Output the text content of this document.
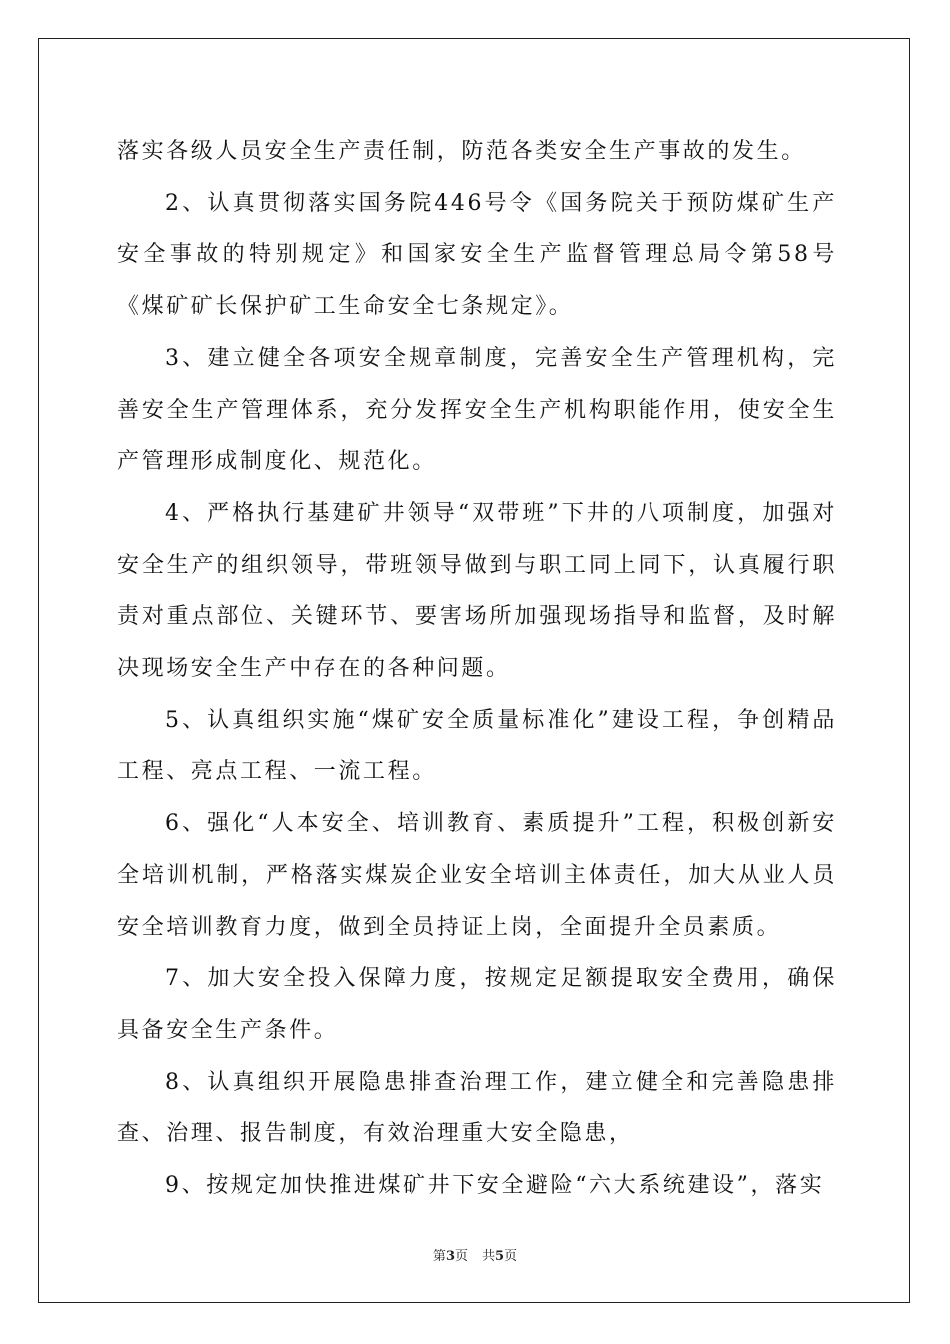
落实各级人员安全生产责任制，防范各类安全生产事故的发生。

2、认真贯彻落实国务院446号令《国务院关于预防煤矿生产安全事故的特别规定》和国家安全生产监督管理总局令第58号《煤矿矿长保护矿工生命安全七条规定》。

3、建立健全各项安全规章制度，完善安全生产管理机构，完善安全生产管理体系，充分发挥安全生产机构职能作用，使安全生产管理形成制度化、规范化。

4、严格执行基建矿井领导“双带班”下井的八项制度，加强对安全生产的组织领导，带班领导做到与职工同上同下，认真履行职责对重点部位、关键环节、要害场所加强现场指导和监督，及时解决现场安全生产中存在的各种问题。

5、认真组织实施“煤矿安全质量标准化”建设工程，争创精品工程、亮点工程、一流工程。

6、强化“人本安全、培训教育、素质提升”工程，积极创新安全培训机制，严格落实煤炭企业安全培训主体责任，加大从业人员安全培训教育力度，做到全员持证上岗，全面提升全员素质。

7、加大安全投入保障力度，按规定足额提取安全费用，确保具备安全生产条件。

8、认真组织开展隐患排查治理工作，建立健全和完善隐患排查、治理、报告制度，有效治理重大安全隐患，

9、按规定加快推进煤矿井下安全避险“六大系统建设”，落实

第3页 共5页
